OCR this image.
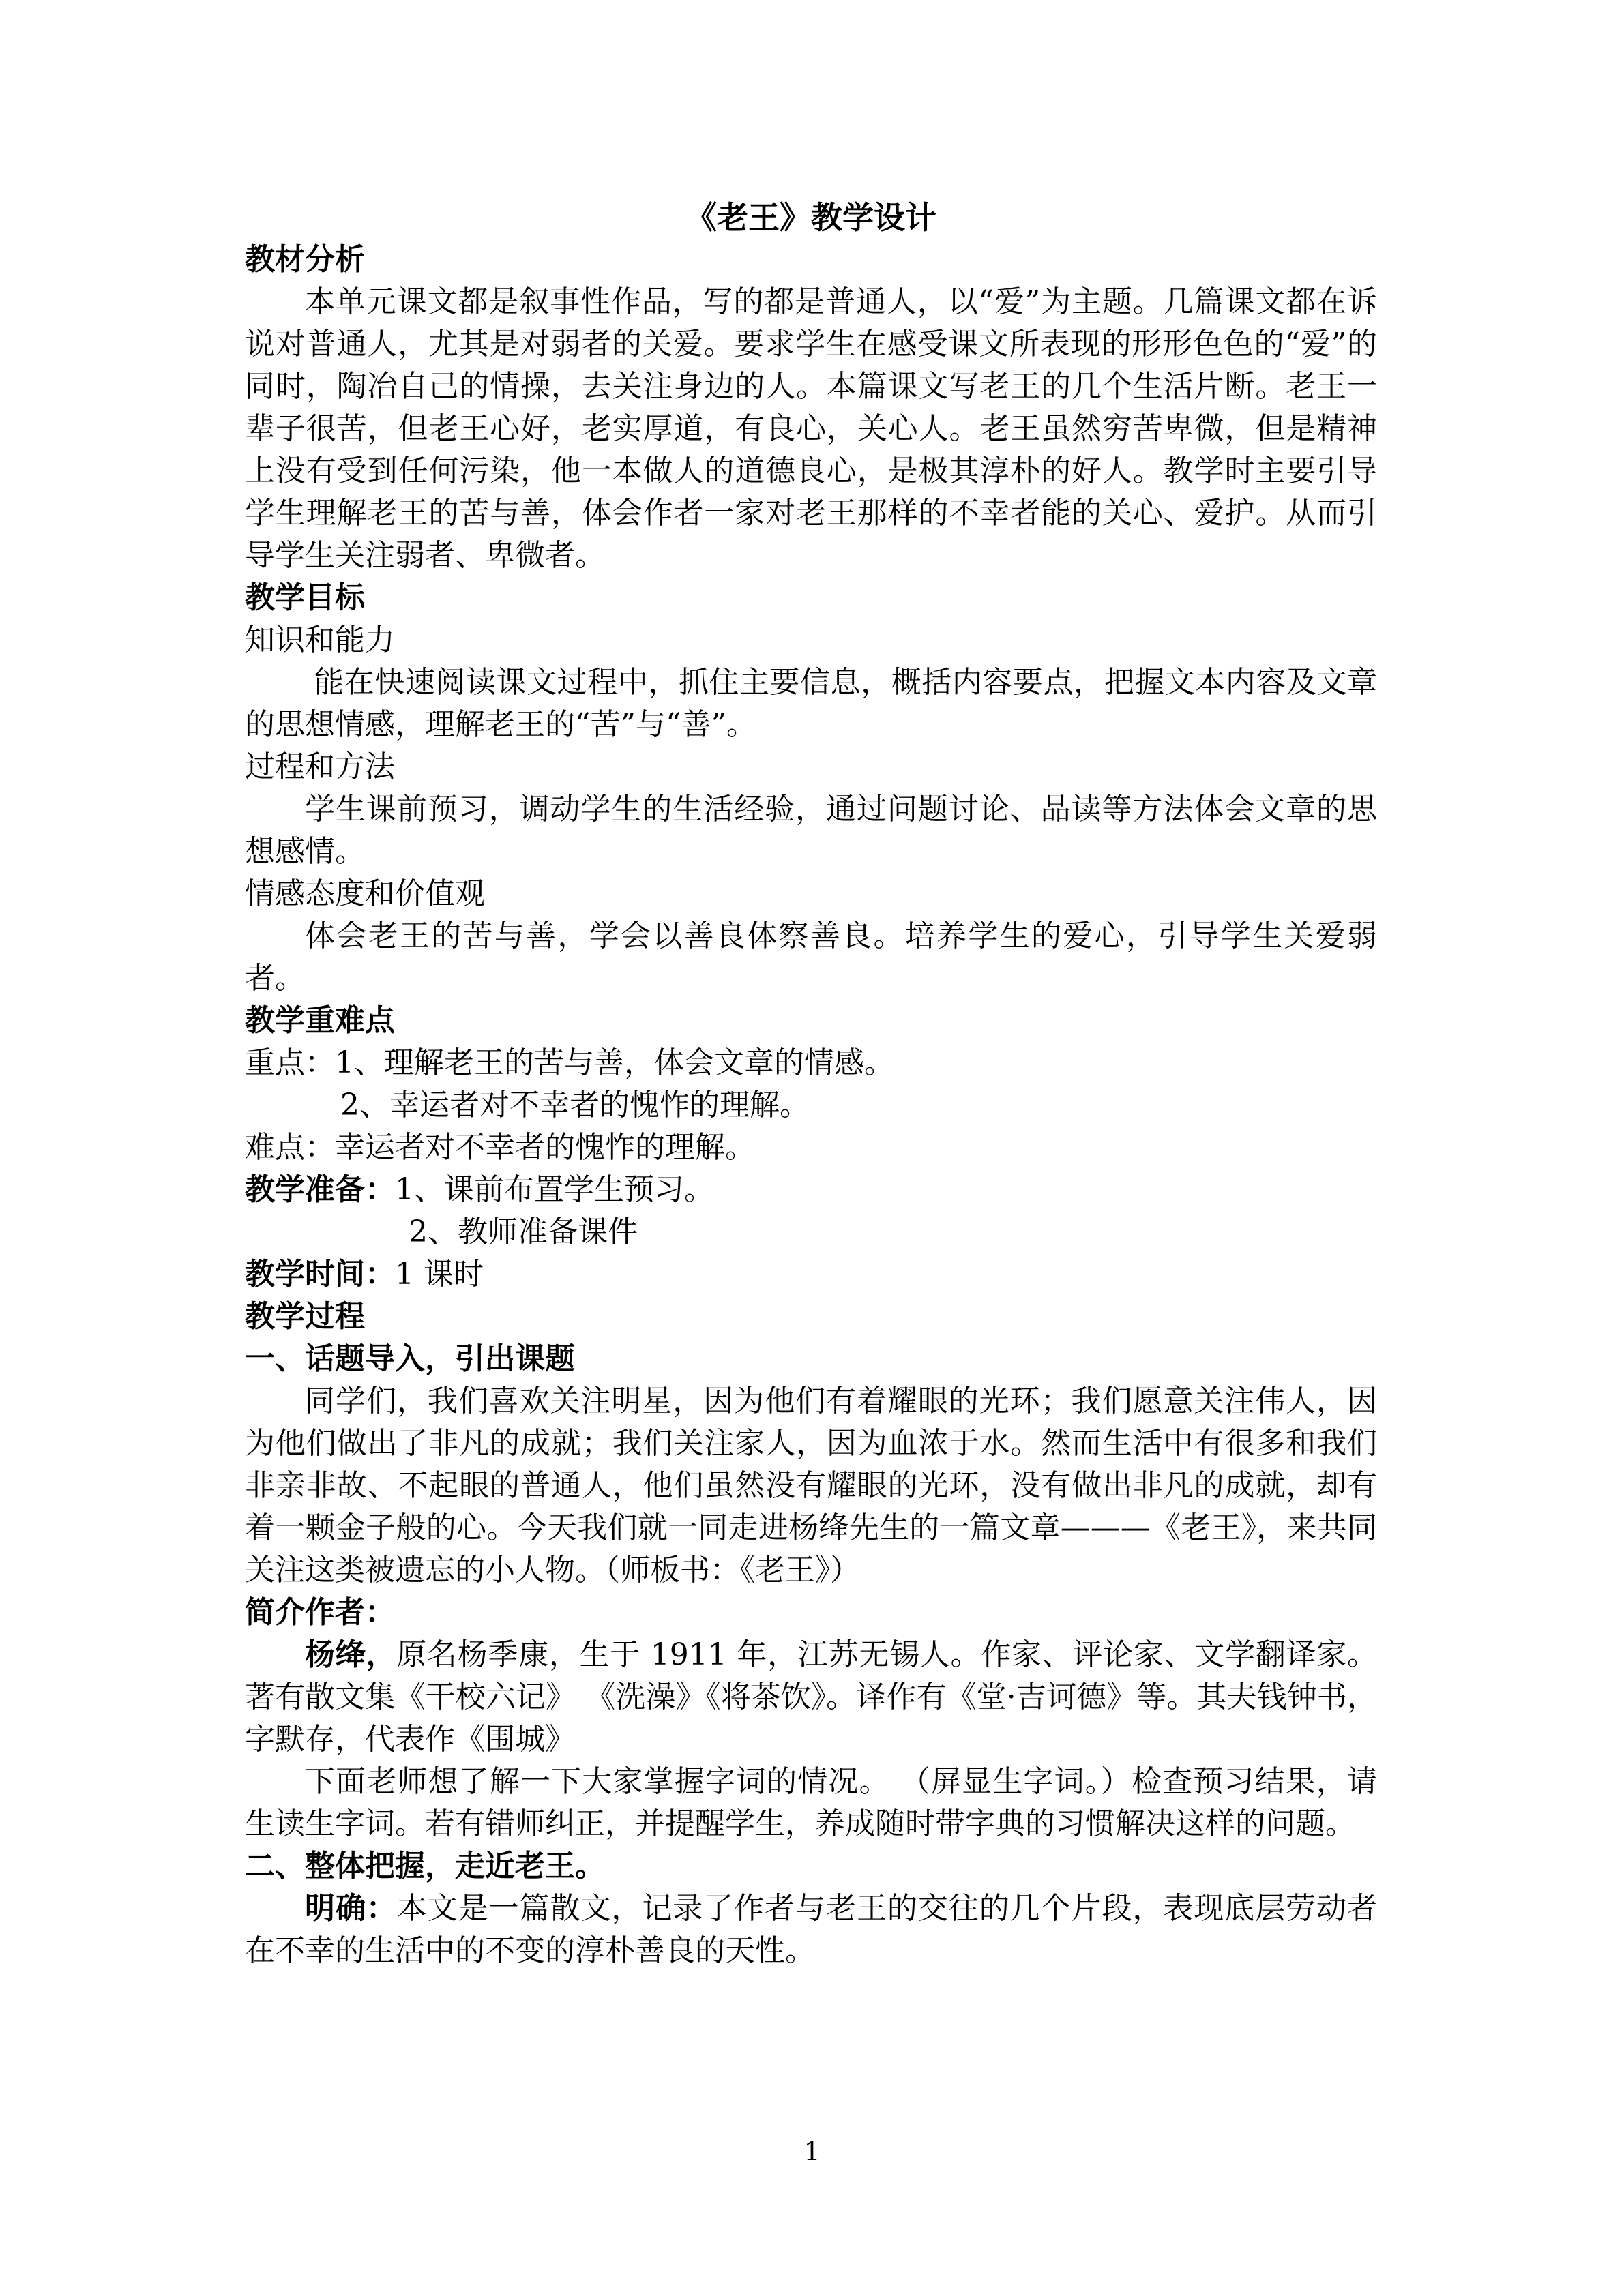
《老王》教学设计
教材分析

本单元课文都是叙事性作品，写的都是普通人，以“爱”为主题。几篇课文都在诉说对普通人，尤其是对弱者的关爱。要求学生在感受课文所表现的形形色色的“爱”的同时，陶冶自己的情操，去关注身边的人。本篇课文写老王的几个生活片断。老王一辈子很苦，但老王心好，老实厚道，有良心，关心人。老王虽然穷苦卑微，但是精神上没有受到任何污染，他一本做人的道德良心，是极其淳朴的好人。教学时主要引导学生理解老王的苦与善，体会作者一家对老王那样的不幸者能的关心、爱护。从而引导学生关注弱者、卑微者。

教学目标
知识和能力

能在快速阅读课文过程中，抓住主要信息，概括内容要点，把握文本内容及文章的思想情感，理解老王的“苦”与“善”。

过程和方法

学生课前预习，调动学生的生活经验，通过问题讨论、品读等方法体会文章的思想感情。

情感态度和价值观

体会老王的苦与善，学会以善良体察善良。培养学生的爱心，引导学生关爱弱者。

教学重难点

重点：1、理解老王的苦与善，体会文章的情感。

2、幸运者对不幸者的愧怍的理解。

难点：幸运者对不幸者的愧怍的理解。

教学准备：1、课前布置学生预习。

2、教师准备课件

教学时间：1 课时

教学过程
一、话题导入，引出课题

同学们，我们喜欢关注明星，因为他们有着耀眼的光环；我们愿意关注伟人，因为他们做出了非凡的成就；我们关注家人，因为血浓于水。然而生活中有很多和我们非亲非故、不起眼的普通人，他们虽然没有耀眼的光环，没有做出非凡的成就，却有着一颗金子般的心。今天我们就一同走进杨绛先生的一篇文章———《老王》，来共同关注这类被遗忘的小人物。（师板书：《老王》）

简介作者：

杨绛，原名杨季康，生于 1911 年，江苏无锡人。作家、评论家、文学翻译家。著有散文集《干校六记》 《洗澡》《将茶饮》。译作有《堂·吉诃德》等。其夫钱钟书，字默存，代表作《围城》

下面老师想了解一下大家掌握字词的情况。 （屏显生字词。）检查预习结果，请生读生字词。若有错师纠正，并提醒学生，养成随时带字典的习惯解决这样的问题。

二、整体把握，走近老王。

明确：本文是一篇散文，记录了作者与老王的交往的几个片段，表现底层劳动者在不幸的生活中的不变的淳朴善良的天性。

1
